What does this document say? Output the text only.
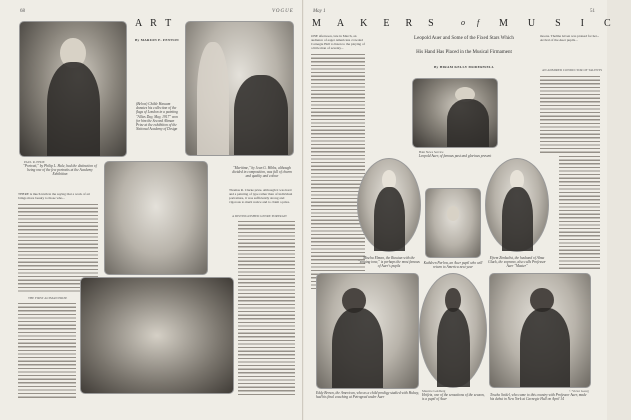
68	VOGUE
PAUL R. PHOE
"Portrait," by Philip L. Hale, had the distinction of being one of the few portraits at the Academy Exhibition
A R T
By MARION E. FENTON
(Below) Childe Hassam donates his collection of the flags of London in a painting "Allies Day, May, 1917" won for him the Second Altman Prize at the exhibition of the National Academy of Design
"Maritime," by Jean G. Hibbs, although divided in composition, was full of charm and quality and colour
THERE is much truth in the saying that a work of art brings more beauty to those who...
THE FIRST ALTMAN PRIZE
Thomas R. Clarke prize. Although it was hard and a painting of type rather than of individual portraiture, it was sufficiently strong and vigorous to merit notice and to claim a prize.
A DISTINGUISHED GENRE PORTRAIT
May 1	51
MAKERS of MUSIC
ONE afternoon, late in March, an audience of eager Americans crowded Carnegie Hall to listen to the playing of a little man of seventy...
Leopold Auer and Some of the Fixed Stars Which
His Hand Has Placed in the Musical Firmament
By HIRAM KELLY MODERWELL
Bain News Service
Leopold Auer, of famous past and glorious present
moons. Thelma Given was praised for her... Arrival of the Auer pupils...
AN ADMIRED CONDUCTOR OF TALENTS
Mischa Elman, the Russian with the "singing tone," is perhaps the most famous of Auer's pupils
Kathleen Parlow, an Auer pupil who will return to America next year
Efrem Zimbalist, the husband of Alma Gluck, the soprano, also calls Professor Auer "Master"
Eddy Brown, the American, who as a child prodigy studied with Hubay, had his final coaching at Petrograd under Auer
Maurice Goldberg
Heifetz, one of the sensations of the season, is a pupil of Auer
© Victor Georg
Toscha Seidel, who came to this country with Professor Auer, made his debut in New York at Carnegie Hall on April 14
